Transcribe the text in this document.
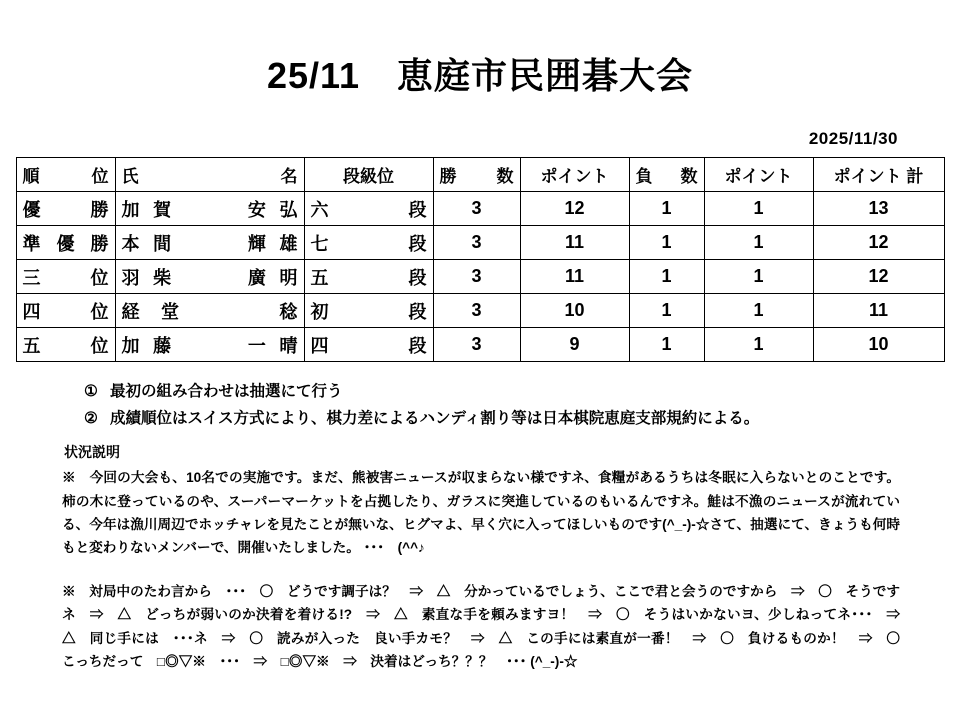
25/11　恵庭市民囲碁大会
2025/11/30
順　位	氏　　　名	段級位	勝　数	ポイント	負　数	ポイント	ポイント 計
優　勝	加賀　　安弘	六　段	3	12	1	1	13
準優勝	本間　　輝雄	七　段	3	11	1	1	12
三　位	羽柴　　廣明	五　段	3	11	1	1	12
四　位	経堂　　稔	初　段	3	10	1	1	11
五　位	加藤　　一晴	四　段	3	9	1	1	10
① 最初の組み合わせは抽選にて行う
② 成績順位はスイス方式により、棋力差によるハンディ割り等は日本棋院恵庭支部規約による。
状況説明
※　今回の大会も、10名での実施です。まだ、熊被害ニュースが収まらない様ですネ、食糧があるうちは冬眠に入らないとのことです。柿の木に登っているのや、スーパーマーケットを占拠したり、ガラスに突進しているのもいるんですネ。鮭は不漁のニュースが流れている、今年は漁川周辺でホッチャレを見たことが無いな、ヒグマよ、早く穴に入ってほしいものです(^_-)-☆さて、抽選にて、きょうも何時もと変わりないメンバーで、開催いたしました。 ･･･　(^^♪
※　対局中のたわ言から　･･･　〇　どうです調子は？　⇒　△　分かっているでしょう、ここで君と会うのですから　⇒　〇　そうですネ　⇒　△　どっちが弱いのか決着を着ける!?　⇒　△　素直な手を頼みますヨ！　⇒　〇　そうはいかないヨ、少しねってネ･･･　⇒　△　同じ手には　･･･ネ　⇒　〇　読みが入った　良い手カモ？　⇒　△　この手には素直が一番！　⇒　〇　負けるものか！　⇒　〇　こっちだって　□◎▽※　･･･　⇒　□◎▽※　⇒　決着はどっち？？？　･･･ (^_-)-☆
